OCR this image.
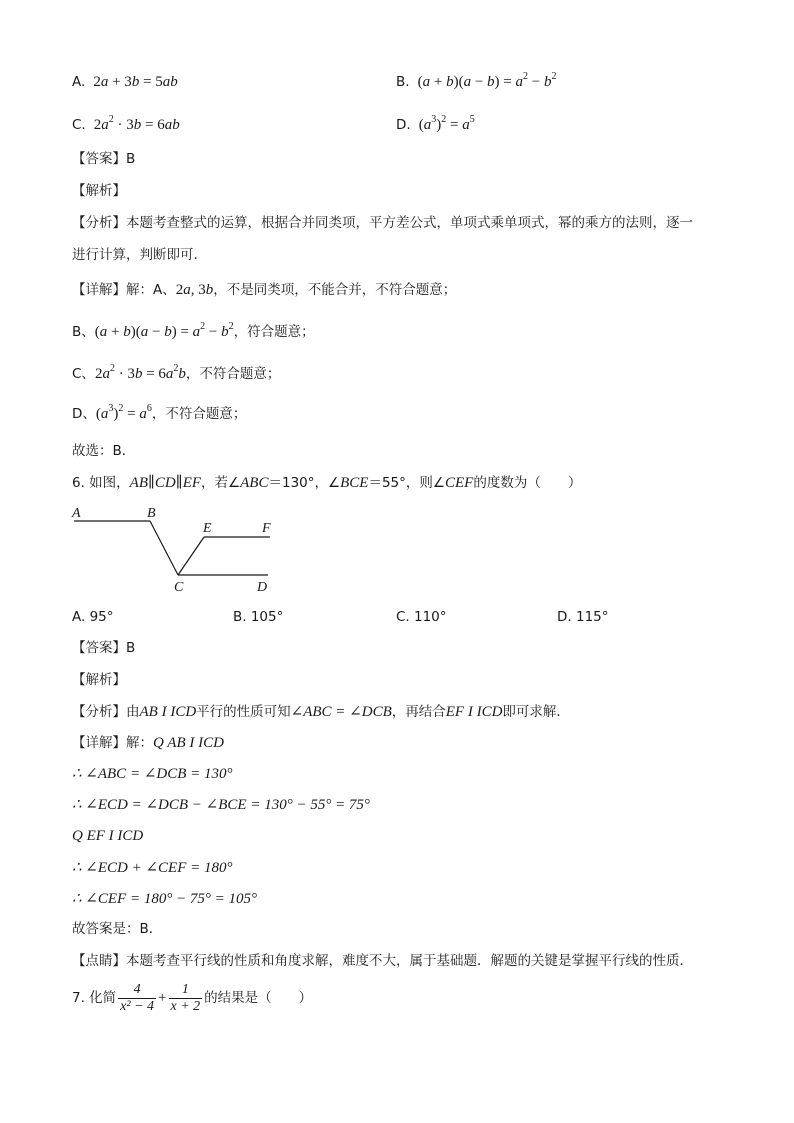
A.  2a + 3b = 5ab	B.  $(a + b)(a - b) = a^2 - b^2$
C.  $2a^2 \cdot 3b = 6ab$	D.  $(a^3)^2 = a^5$
【答案】B
【解析】
【分析】本题考查整式的运算，根据合并同类项，平方差公式，单项式乘单项式，幂的乘方的法则，逐一
进行计算，判断即可．
【详解】解：A、2a, 3b，不是同类项，不能合并，不符合题意；
B、$(a + b)(a - b) = a^2 - b^2$，符合题意；
C、$2a^2 \cdot 3b = 6a^2b$，不符合题意；
D、$(a^3)^2 = a^6$，不符合题意；
故选：B．
6. 如图，AB∥CD∥EF，若∠ABC＝130°，∠BCE＝55°，则∠CEF的度数为（　　）
A	B
E	F
C	D
A. 95°	B. 105°	C. 110°	D. 115°
【答案】B
【解析】
【分析】由AB I ICD平行的性质可知∠ABC = ∠DCB，再结合EF I ICD即可求解．
【详解】解：Q AB I ICD
∴ ∠ABC = ∠DCB = 130°
∴ ∠ECD = ∠DCB − ∠BCE = 130° − 55° = 75°
Q EF I ICD
∴ ∠ECD + ∠CEF = 180°
∴ ∠CEF = 180° − 75° = 105°
故答案是：B．
【点睛】本题考查平行线的性质和角度求解，难度不大，属于基础题．解题的关键是掌握平行线的性质．
7. 化简 $\frac{4}{\text{x² − 4}} + \frac{1}{x + 2}$ 的结果是（　　）
